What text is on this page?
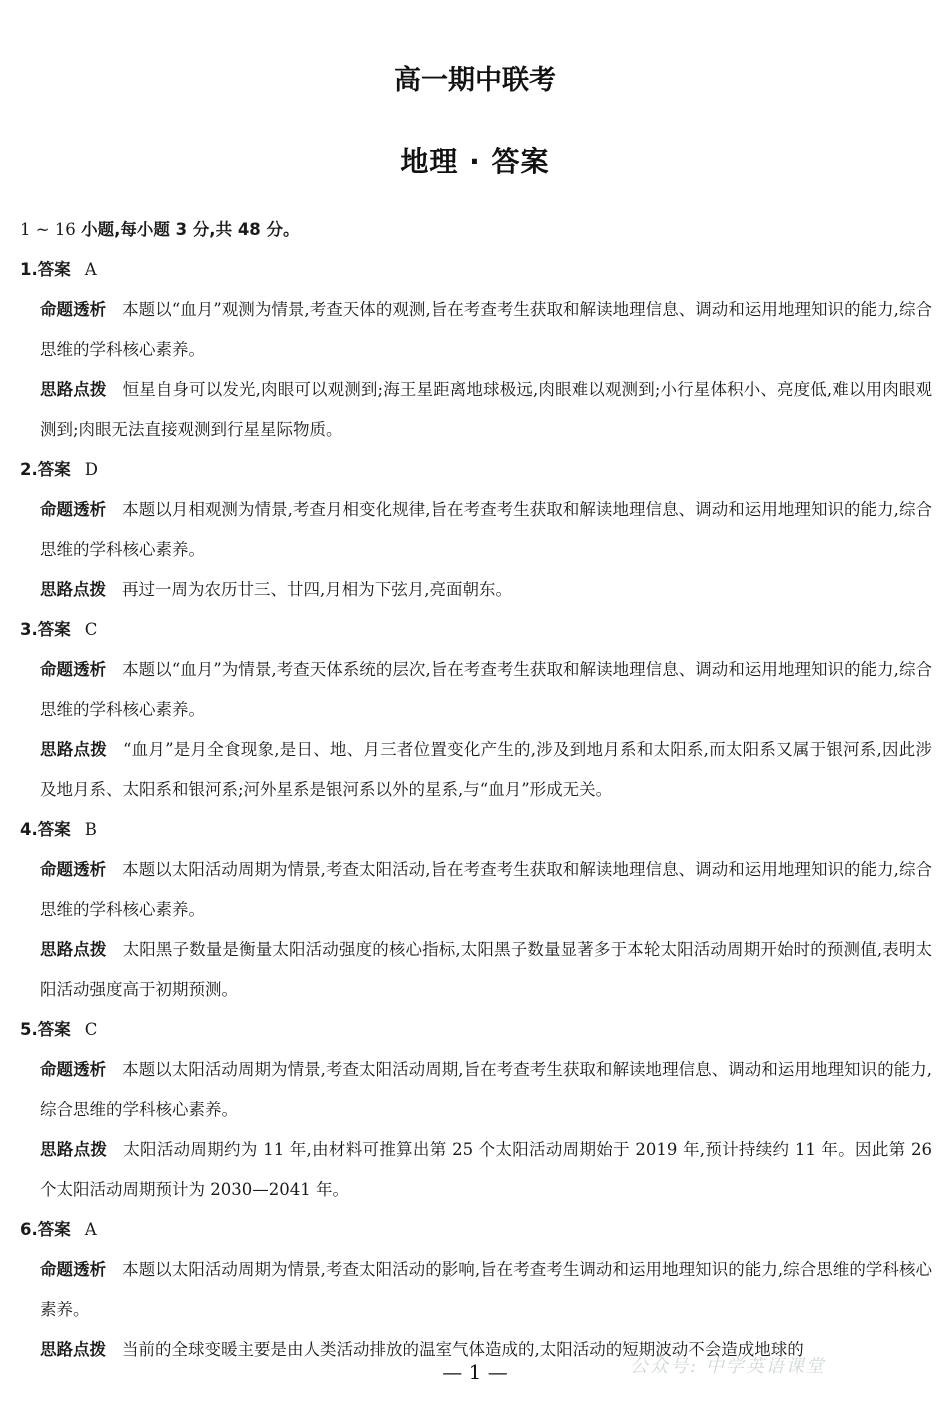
高一期中联考
地理 · 答案
1 ~ 16 小题,每小题 3 分,共 48 分。
1.答案 A

命题透析 本题以“血月”观测为情景,考查天体的观测,旨在考查考生获取和解读地理信息、调动和运用地理知识的能力,综合思维的学科核心素养。

思路点拨 恒星自身可以发光,肉眼可以观测到;海王星距离地球极远,肉眼难以观测到;小行星体积小、亮度低,难以用肉眼观测到;肉眼无法直接观测到行星星际物质。

2.答案 D

命题透析 本题以月相观测为情景,考查月相变化规律,旨在考查考生获取和解读地理信息、调动和运用地理知识的能力,综合思维的学科核心素养。

思路点拨 再过一周为农历廿三、廿四,月相为下弦月,亮面朝东。

3.答案 C

命题透析 本题以“血月”为情景,考查天体系统的层次,旨在考查考生获取和解读地理信息、调动和运用地理知识的能力,综合思维的学科核心素养。

思路点拨 “血月”是月全食现象,是日、地、月三者位置变化产生的,涉及到地月系和太阳系,而太阳系又属于银河系,因此涉及地月系、太阳系和银河系;河外星系是银河系以外的星系,与“血月”形成无关。

4.答案 B

命题透析 本题以太阳活动周期为情景,考查太阳活动,旨在考查考生获取和解读地理信息、调动和运用地理知识的能力,综合思维的学科核心素养。

思路点拨 太阳黑子数量是衡量太阳活动强度的核心指标,太阳黑子数量显著多于本轮太阳活动周期开始时的预测值,表明太阳活动强度高于初期预测。

5.答案 C

命题透析 本题以太阳活动周期为情景,考查太阳活动周期,旨在考查考生获取和解读地理信息、调动和运用地理知识的能力,综合思维的学科核心素养。

思路点拨 太阳活动周期约为 11 年,由材料可推算出第 25 个太阳活动周期始于 2019 年,预计持续约 11 年。因此第 26 个太阳活动周期预计为 2030—2041 年。

6.答案 A

命题透析 本题以太阳活动周期为情景,考查太阳活动的影响,旨在考查考生调动和运用地理知识的能力,综合思维的学科核心素养。

思路点拨 当前的全球变暖主要是由人类活动排放的温室气体造成的,太阳活动的短期波动不会造成地球的

— 1 —	公众号: 中学英语课堂
